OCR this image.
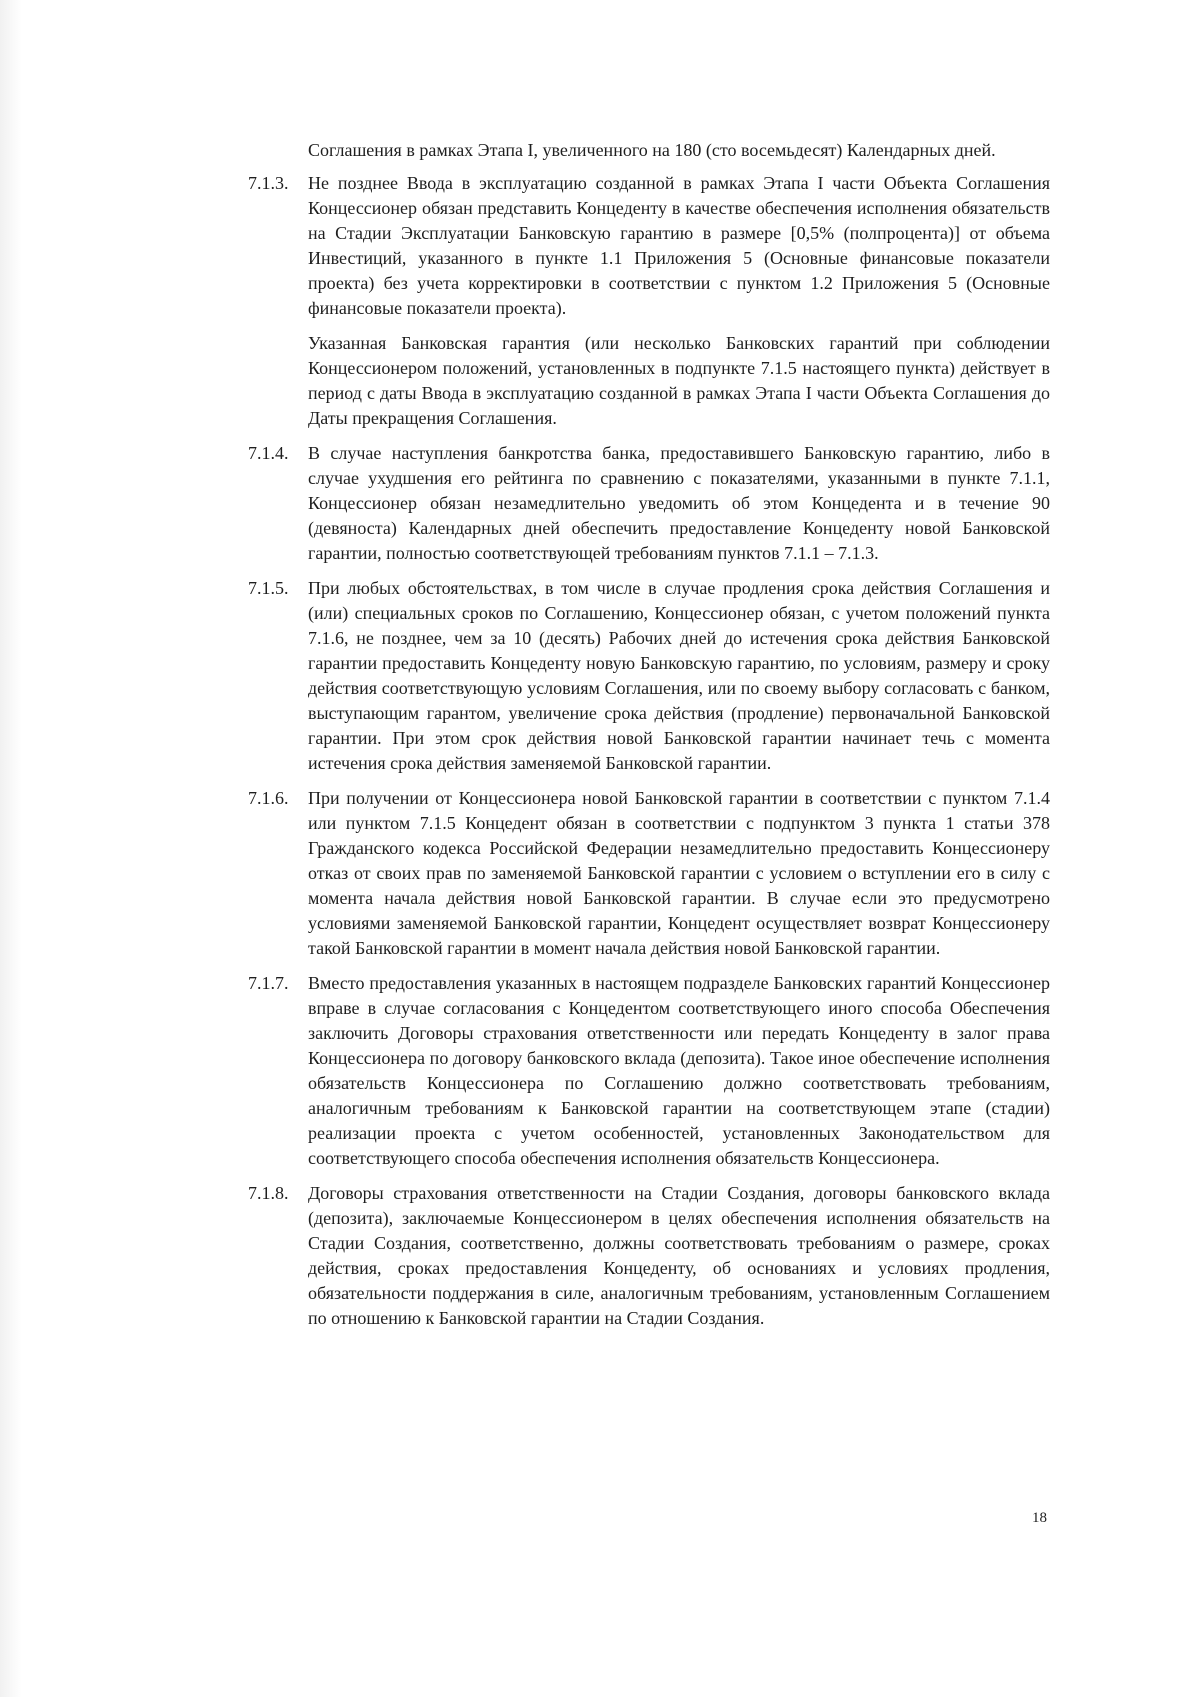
Соглашения в рамках Этапа I, увеличенного на 180 (сто восемьдесят) Календарных дней.

7.1.3.	Не позднее Ввода в эксплуатацию созданной в рамках Этапа I части Объекта Соглашения Концессионер обязан представить Концеденту в качестве обеспечения исполнения обязательств на Стадии Эксплуатации Банковскую гарантию в размере [0,5% (полпроцента)] от объема Инвестиций, указанного в пункте 1.1 Приложения 5 (Основные финансовые показатели проекта) без учета корректировки в соответствии с пунктом 1.2 Приложения 5 (Основные финансовые показатели проекта).

Указанная Банковская гарантия (или несколько Банковских гарантий при соблюдении Концессионером положений, установленных в подпункте 7.1.5 настоящего пункта) действует в период с даты Ввода в эксплуатацию созданной в рамках Этапа I части Объекта Соглашения до Даты прекращения Соглашения.

7.1.4.	В случае наступления банкротства банка, предоставившего Банковскую гарантию, либо в случае ухудшения его рейтинга по сравнению с показателями, указанными в пункте 7.1.1, Концессионер обязан незамедлительно уведомить об этом Концедента и в течение 90 (девяноста) Календарных дней обеспечить предоставление Концеденту новой Банковской гарантии, полностью соответствующей требованиям пунктов 7.1.1 – 7.1.3.

7.1.5.	При любых обстоятельствах, в том числе в случае продления срока действия Соглашения и (или) специальных сроков по Соглашению, Концессионер обязан, с учетом положений пункта 7.1.6, не позднее, чем за 10 (десять) Рабочих дней до истечения срока действия Банковской гарантии предоставить Концеденту новую Банковскую гарантию, по условиям, размеру и сроку действия соответствующую условиям Соглашения, или по своему выбору согласовать с банком, выступающим гарантом, увеличение срока действия (продление) первоначальной Банковской гарантии. При этом срок действия новой Банковской гарантии начинает течь с момента истечения срока действия заменяемой Банковской гарантии.

7.1.6.	При получении от Концессионера новой Банковской гарантии в соответствии с пунктом 7.1.4 или пунктом 7.1.5 Концедент обязан в соответствии с подпунктом 3 пункта 1 статьи 378 Гражданского кодекса Российской Федерации незамедлительно предоставить Концессионеру отказ от своих прав по заменяемой Банковской гарантии с условием о вступлении его в силу с момента начала действия новой Банковской гарантии. В случае если это предусмотрено условиями заменяемой Банковской гарантии, Концедент осуществляет возврат Концессионеру такой Банковской гарантии в момент начала действия новой Банковской гарантии.

7.1.7.	Вместо предоставления указанных в настоящем подразделе Банковских гарантий Концессионер вправе в случае согласования с Концедентом соответствующего иного способа Обеспечения заключить Договоры страхования ответственности или передать Концеденту в залог права Концессионера по договору банковского вклада (депозита). Такое иное обеспечение исполнения обязательств Концессионера по Соглашению должно соответствовать требованиям, аналогичным требованиям к Банковской гарантии на соответствующем этапе (стадии) реализации проекта с учетом особенностей, установленных Законодательством для соответствующего способа обеспечения исполнения обязательств Концессионера.

7.1.8.	Договоры страхования ответственности на Стадии Создания, договоры банковского вклада (депозита), заключаемые Концессионером в целях обеспечения исполнения обязательств на Стадии Создания, соответственно, должны соответствовать требованиям о размере, сроках действия, сроках предоставления Концеденту, об основаниях и условиях продления, обязательности поддержания в силе, аналогичным требованиям, установленным Соглашением по отношению к Банковской гарантии на Стадии Создания.

18
